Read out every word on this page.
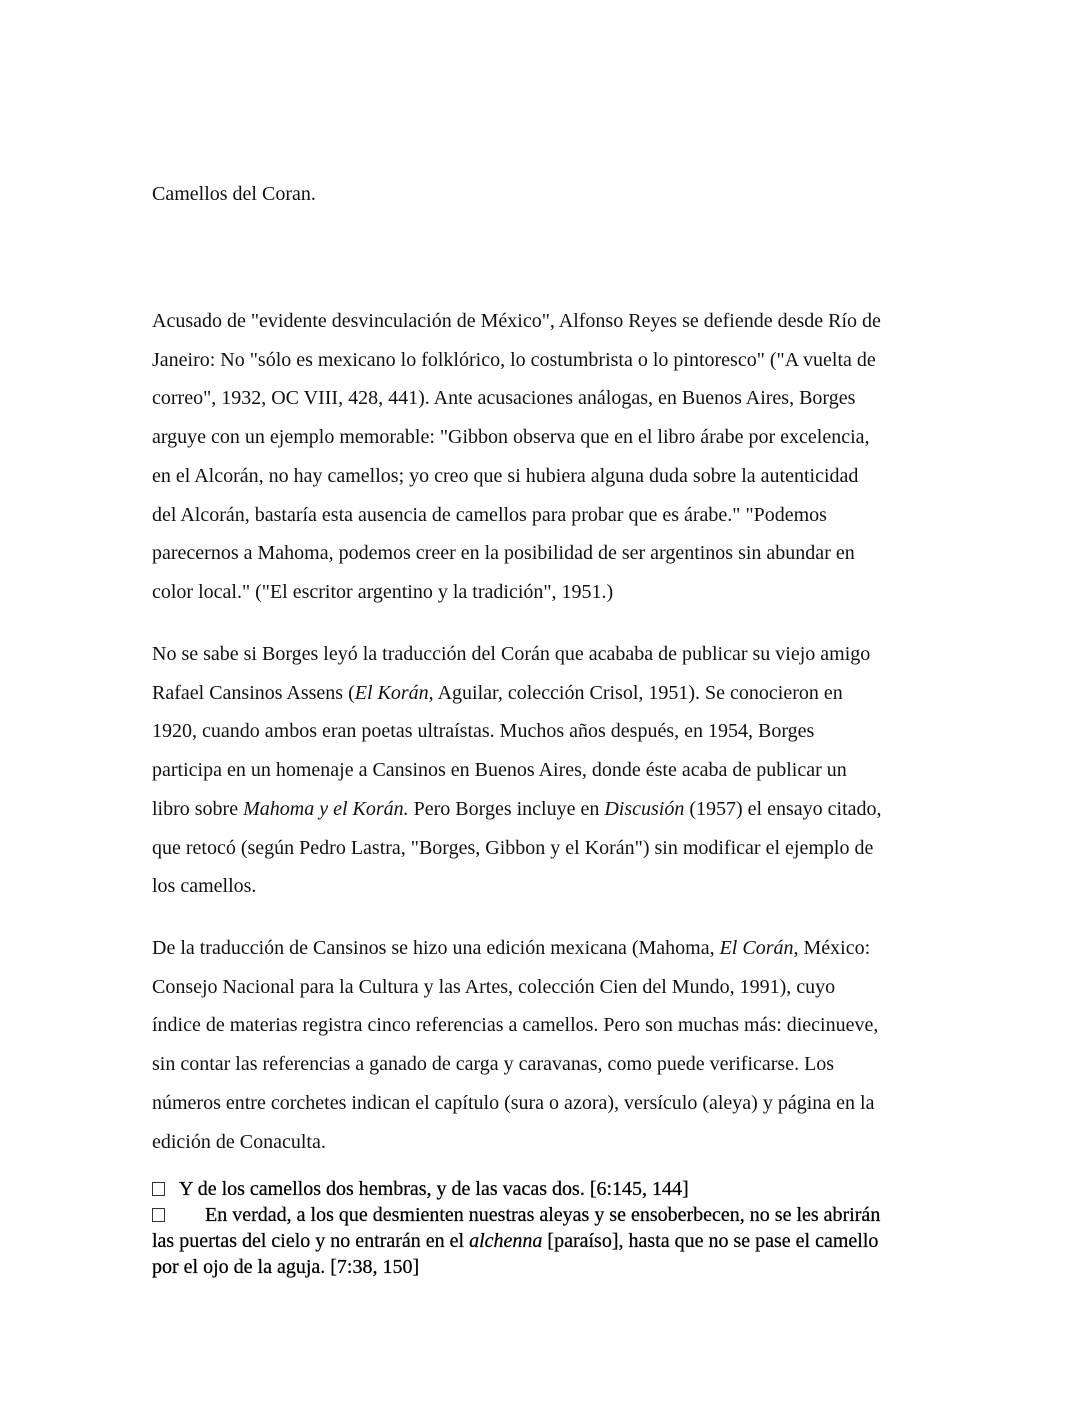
Camellos del Coran.

Acusado de "evidente desvinculación de México", Alfonso Reyes se defiende desde Río de
Janeiro: No "sólo es mexicano lo folklórico, lo costumbrista o lo pintoresco" ("A vuelta de
correo", 1932, OC VIII, 428, 441). Ante acusaciones análogas, en Buenos Aires, Borges
arguye con un ejemplo memorable: "Gibbon observa que en el libro árabe por excelencia,
en el Alcorán, no hay camellos; yo creo que si hubiera alguna duda sobre la autenticidad
del Alcorán, bastaría esta ausencia de camellos para probar que es árabe." "Podemos
parecernos a Mahoma, podemos creer en la posibilidad de ser argentinos sin abundar en
color local." ("El escritor argentino y la tradición", 1951.)

No se sabe si Borges leyó la traducción del Corán que acababa de publicar su viejo amigo
Rafael Cansinos Assens (El Korán, Aguilar, colección Crisol, 1951). Se conocieron en
1920, cuando ambos eran poetas ultraístas. Muchos años después, en 1954, Borges
participa en un homenaje a Cansinos en Buenos Aires, donde éste acaba de publicar un
libro sobre Mahoma y el Korán. Pero Borges incluye en Discusión (1957) el ensayo citado,
que retocó (según Pedro Lastra, "Borges, Gibbon y el Korán") sin modificar el ejemplo de
los camellos.

De la traducción de Cansinos se hizo una edición mexicana (Mahoma, El Corán, México:
Consejo Nacional para la Cultura y las Artes, colección Cien del Mundo, 1991), cuyo
índice de materias registra cinco referencias a camellos. Pero son muchas más: diecinueve,
sin contar las referencias a ganado de carga y caravanas, como puede verificarse. Los
números entre corchetes indican el capítulo (sura o azora), versículo (aleya) y página en la
edición de Conaculta.

Y de los camellos dos hembras, y de las vacas dos. [6:145, 144]
En verdad, a los que desmienten nuestras aleyas y se ensoberbecen, no se les abrirán
las puertas del cielo y no entrarán en el alchenna [paraíso], hasta que no se pase el camello
por el ojo de la aguja. [7:38, 150]
